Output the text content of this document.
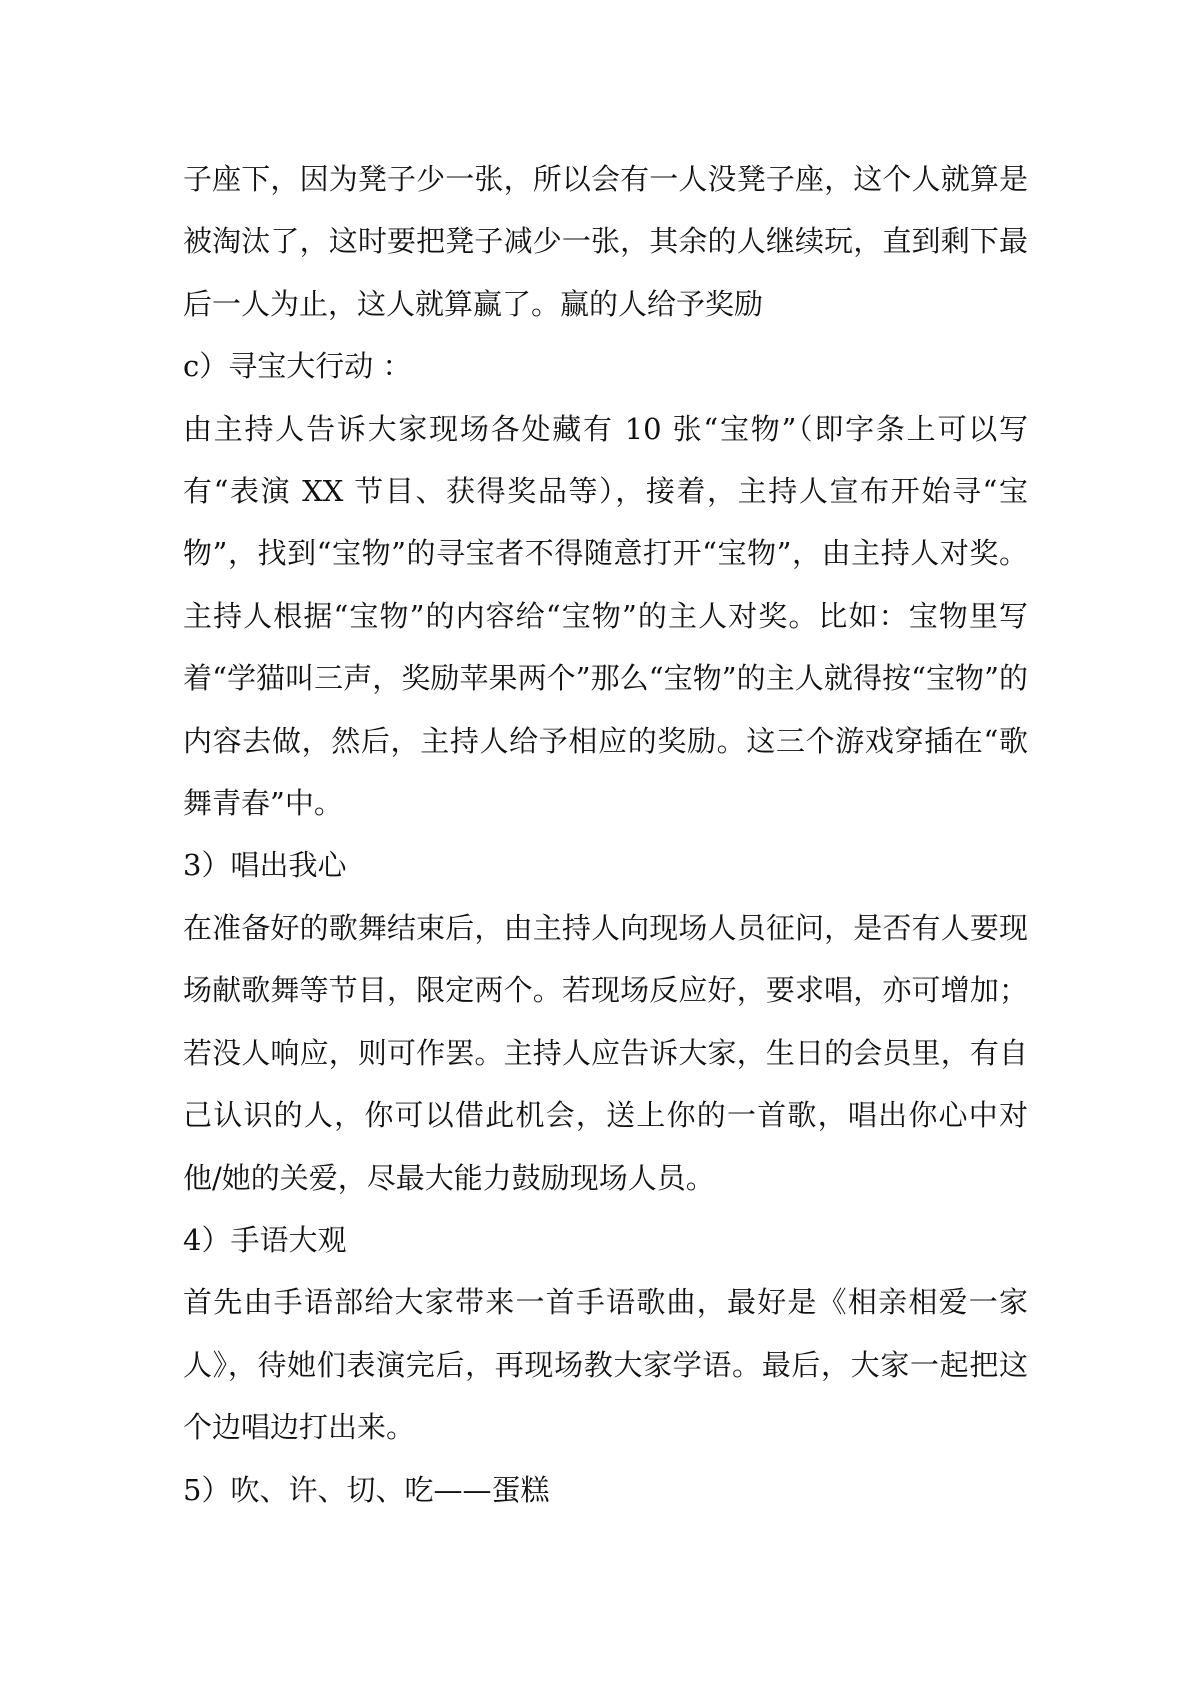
子座下，因为凳子少一张，所以会有一人没凳子座，这个人就算是被淘汰了，这时要把凳子减少一张，其余的人继续玩，直到剩下最后一人为止，这人就算赢了。赢的人给予奖励

c）寻宝大行动 ：

由主持人告诉大家现场各处藏有 10 张“宝物”（即字条上可以写有“表演 XX 节目、获得奖品等），接着，主持人宣布开始寻“宝物”，找到“宝物”的寻宝者不得随意打开“宝物”，由主持人对奖。主持人根据“宝物”的内容给“宝物”的主人对奖。比如：宝物里写着“学猫叫三声，奖励苹果两个”那么“宝物”的主人就得按“宝物”的内容去做，然后，主持人给予相应的奖励。这三个游戏穿插在“歌舞青春”中。

3）唱出我心

在准备好的歌舞结束后，由主持人向现场人员征问，是否有人要现场献歌舞等节目，限定两个。若现场反应好，要求唱，亦可增加；若没人响应，则可作罢。主持人应告诉大家，生日的会员里，有自己认识的人，你可以借此机会，送上你的一首歌，唱出你心中对他/她的关爱，尽最大能力鼓励现场人员。

4）手语大观

首先由手语部给大家带来一首手语歌曲，最好是《相亲相爱一家人》，待她们表演完后，再现场教大家学语。最后，大家一起把这个边唱边打出来。

5）吹、许、切、吃——蛋糕
